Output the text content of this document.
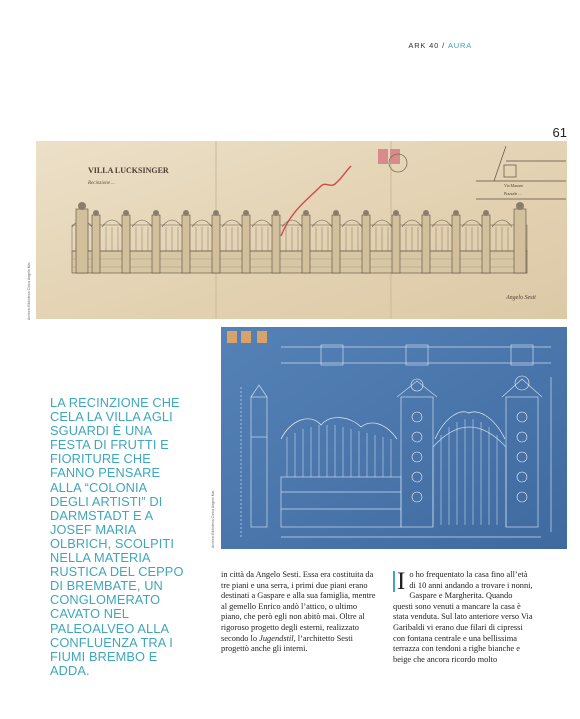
ARK 40 / AURA
61
VILLA LUCKSINGER
Recinzione ...	Via Masone
Piazzale ...
Angelo Sesti
Archivio Biblioteca Civica Angelo Mai
Archivio Biblioteca Civica Angelo Mai
LA RECINZIONE CHE CELA LA VILLA AGLI SGUARDI È UNA FESTA DI FRUTTI E FIORITURE CHE FANNO PENSARE ALLA “COLONIA DEGLI ARTISTI” DI DARMSTADT E A JOSEF MARIA OLBRICH, SCOLPITI NELLA MATERIA RUSTICA DEL CEPPO DI BREMBATE, UN CONGLOMERATO CAVATO NEL PALEOALVEO ALLA CONFLUENZA TRA I FIUMI BREMBO E ADDA.
in città da Angelo Sesti. Essa era costituita da tre piani e una serra, i primi due piani erano destinati a Gaspare e alla sua famiglia, mentre al gemello Enrico andò l’attico, o ultimo piano, che però egli non abitò mai. Oltre al rigoroso progetto degli esterni, realizzato secondo lo Jugendstil, l’architetto Sesti progettò anche gli interni.
Io ho frequentato la casa fino all’età di 10 anni andando a trovare i nonni, Gaspare e Margherita. Quando questi sono venuti a mancare la casa è stata venduta. Sul lato anteriore verso Via Garibaldi vi erano due filari di cipressi con fontana centrale e una bellissima terrazza con tendoni a righe bianche e beige che ancora ricordo molto
